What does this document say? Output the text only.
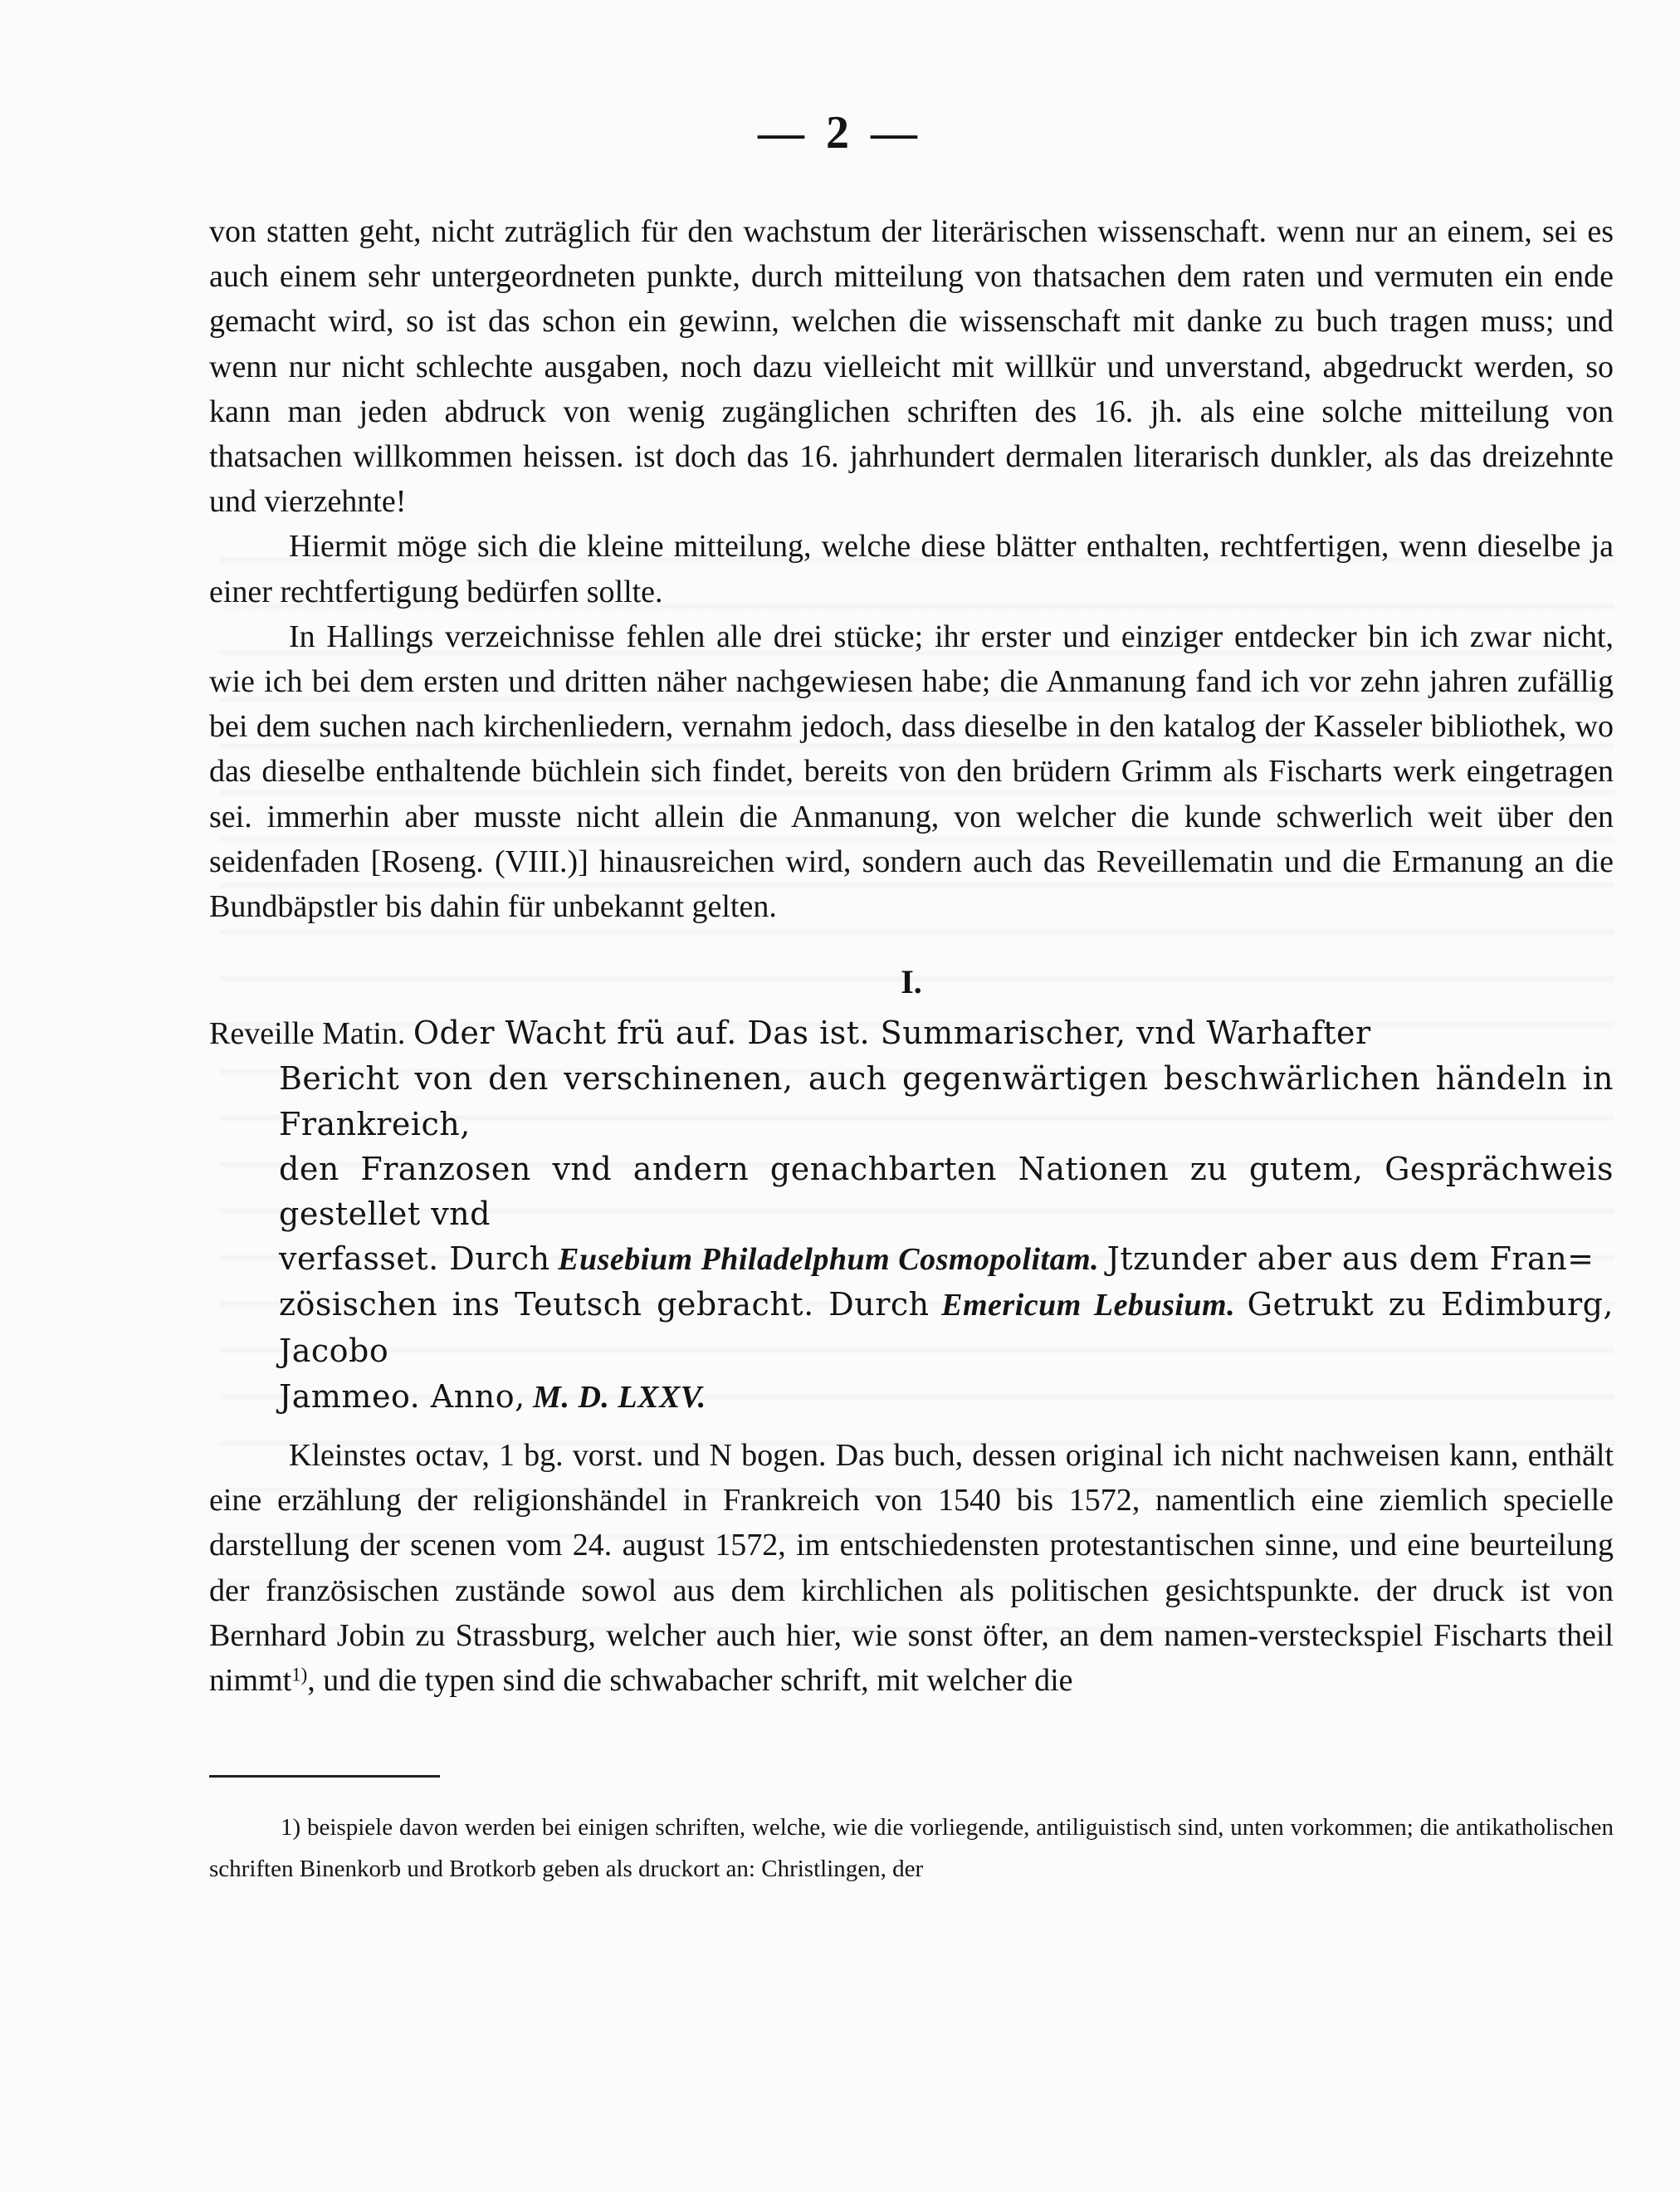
— 2 —

von statten geht, nicht zuträglich für den wachstum der literärischen wissenschaft. wenn nur an einem, sei es auch einem sehr untergeordneten punkte, durch mitteilung von thatsachen dem raten und vermuten ein ende gemacht wird, so ist das schon ein gewinn, welchen die wissenschaft mit danke zu buch tragen muss; und wenn nur nicht schlechte ausgaben, noch dazu vielleicht mit willkür und unverstand, abgedruckt werden, so kann man jeden abdruck von wenig zugänglichen schriften des 16. jh. als eine solche mitteilung von thatsachen willkommen heissen. ist doch das 16. jahrhundert dermalen literarisch dunkler, als das dreizehnte und vierzehnte!

Hiermit möge sich die kleine mitteilung, welche diese blätter enthalten, rechtfertigen, wenn dieselbe ja einer rechtfertigung bedürfen sollte.

In Hallings verzeichnisse fehlen alle drei stücke; ihr erster und einziger entdecker bin ich zwar nicht, wie ich bei dem ersten und dritten näher nachgewiesen habe; die Anmanung fand ich vor zehn jahren zufällig bei dem suchen nach kirchenliedern, vernahm jedoch, dass dieselbe in den katalog der Kasseler bibliothek, wo das dieselbe enthaltende büchlein sich findet, bereits von den brüdern Grimm als Fischarts werk eingetragen sei. immerhin aber musste nicht allein die Anmanung, von welcher die kunde schwerlich weit über den seidenfaden [Roseng. (VIII.)] hinausreichen wird, sondern auch das Reveillematin und die Ermanung an die Bundbäpstler bis dahin für unbekannt gelten.

I.

Reveille Matin. Oder Wacht frü auf. Das ist. Summarischer, vnd Warhafter

Bericht von den verschinenen, auch gegenwärtigen beschwärlichen händeln in Frankreich,

den Franzosen vnd andern genachbarten Nationen zu gutem, Gesprächweis gestellet vnd

verfasset. Durch Eusebium Philadelphum Cosmopolitam. Jtzunder aber aus dem Fran=

zösischen ins Teutsch gebracht. Durch Emericum Lebusium. Getrukt zu Edimburg, Jacobo

Jammeo. Anno, M. D. LXXV.

Kleinstes octav, 1 bg. vorst. und N bogen. Das buch, dessen original ich nicht nachweisen kann, enthält eine erzählung der religionshändel in Frankreich von 1540 bis 1572, namentlich eine ziemlich specielle darstellung der scenen vom 24. august 1572, im entschiedensten protestantischen sinne, und eine beurteilung der französischen zustände sowol aus dem kirchlichen als politischen gesichtspunkte. der druck ist von Bernhard Jobin zu Strassburg, welcher auch hier, wie sonst öfter, an dem namen-versteckspiel Fischarts theil nimmt$^{1)}$, und die typen sind die schwabacher schrift, mit welcher die

1) beispiele davon werden bei einigen schriften, welche, wie die vorliegende, antiliguistisch sind, unten vorkommen; die antikatholischen schriften Binenkorb und Brotkorb geben als druckort an: Christlingen, der
